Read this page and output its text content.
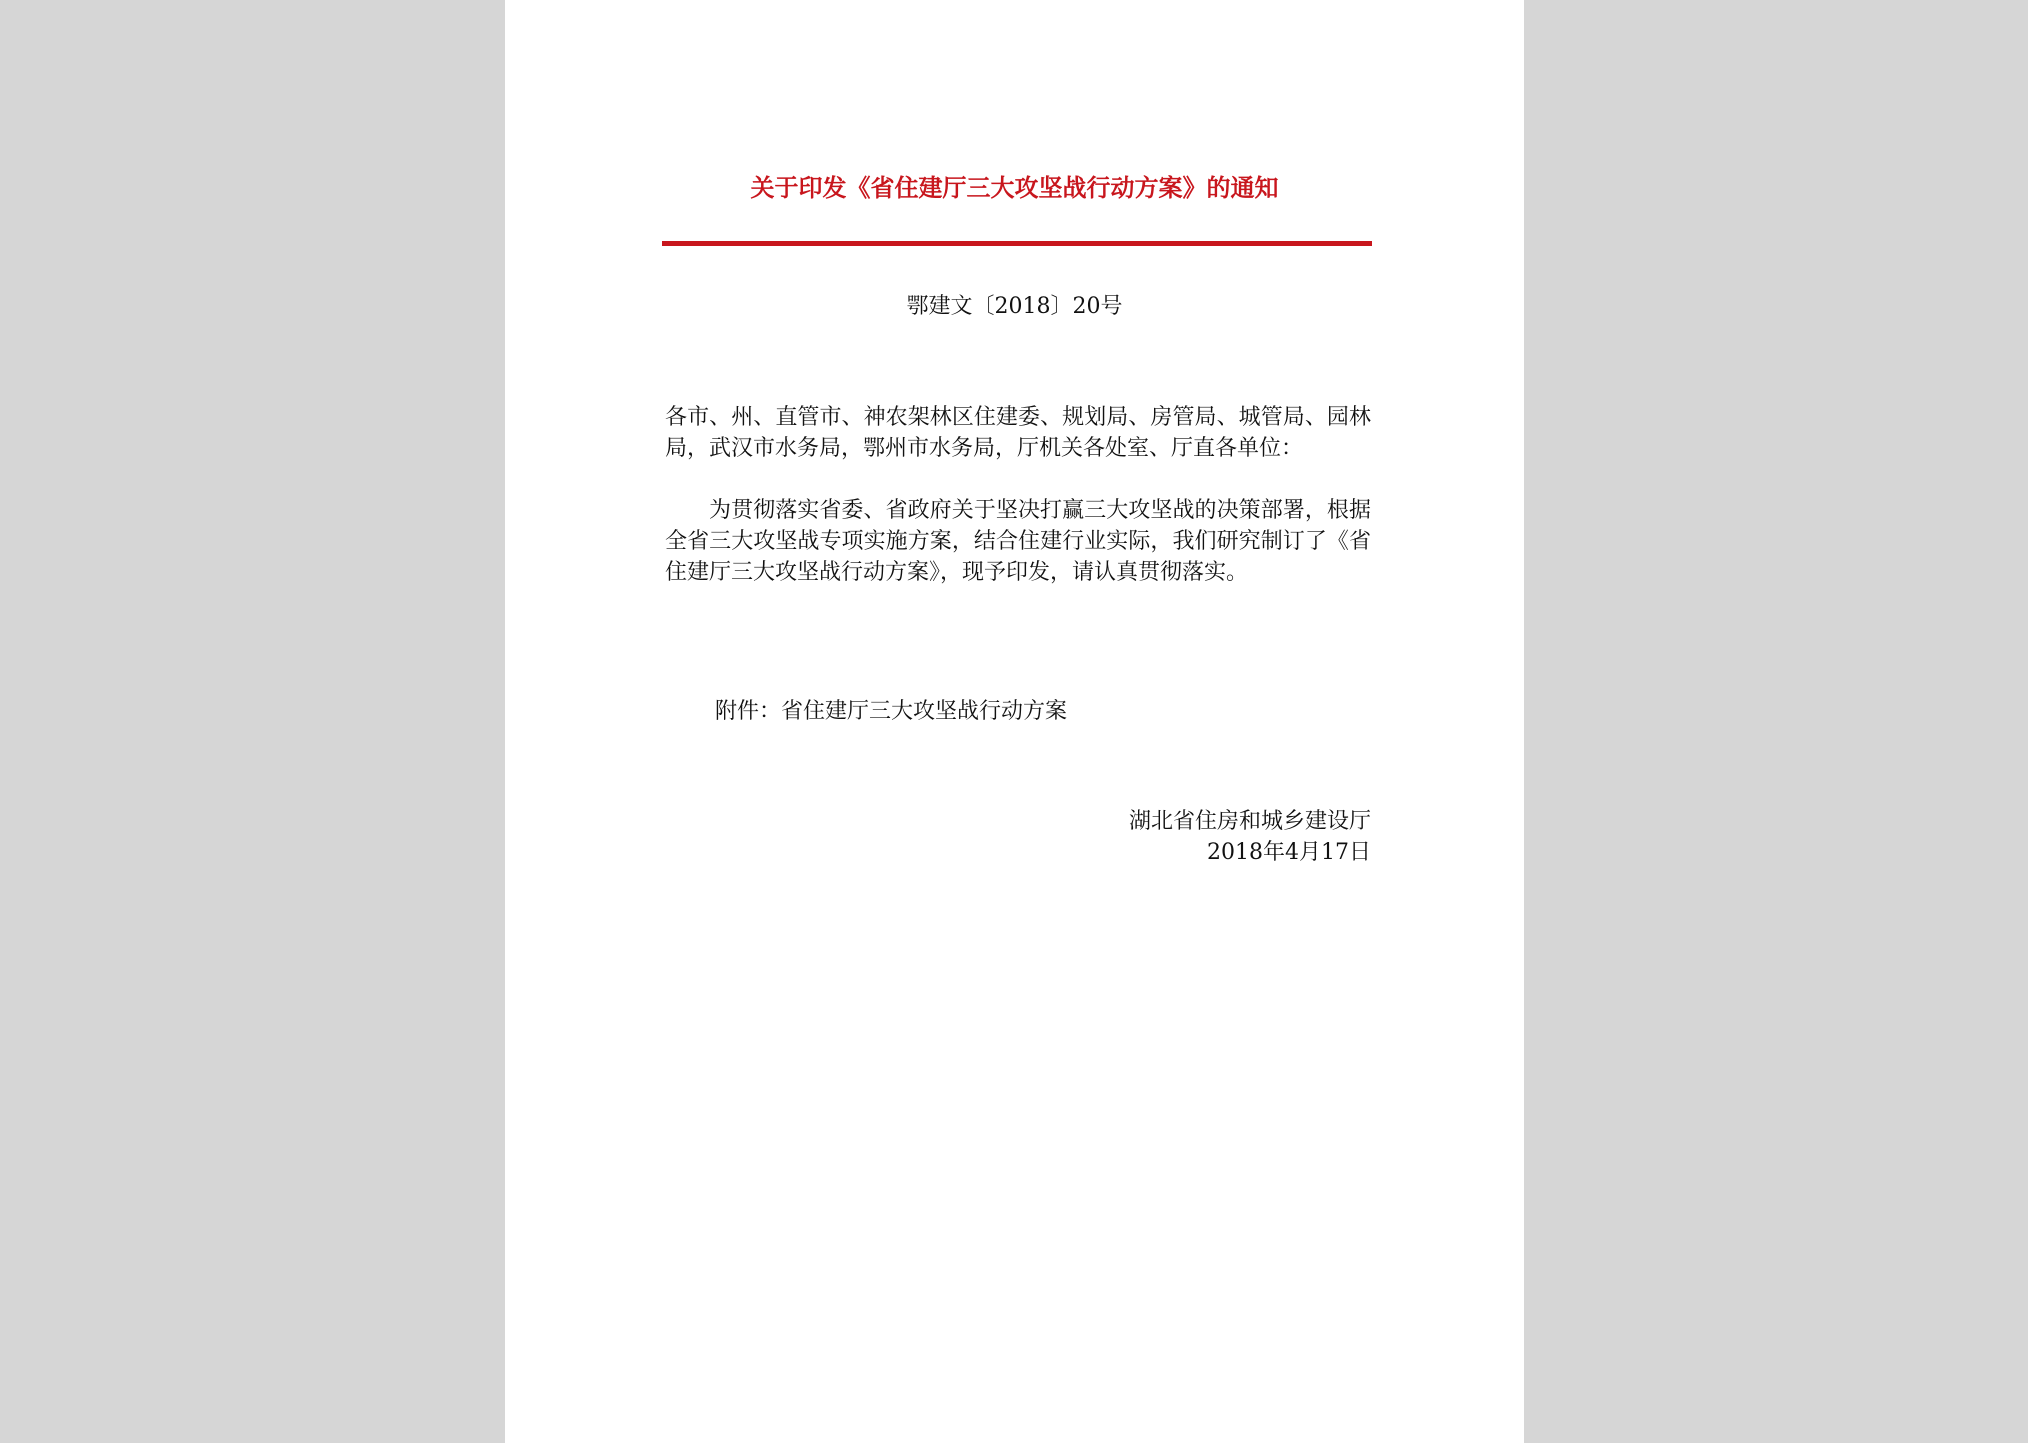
关于印发《省住建厅三大攻坚战行动方案》的通知
鄂建文〔2018〕20号

各市、州、直管市、神农架林区住建委、规划局、房管局、城管局、园林局，武汉市水务局，鄂州市水务局，厅机关各处室、厅直各单位：

为贯彻落实省委、省政府关于坚决打赢三大攻坚战的决策部署，根据全省三大攻坚战专项实施方案，结合住建行业实际，我们研究制订了《省住建厅三大攻坚战行动方案》，现予印发，请认真贯彻落实。

附件：省住建厅三大攻坚战行动方案
湖北省住房和城乡建设厅
2018年4月17日
